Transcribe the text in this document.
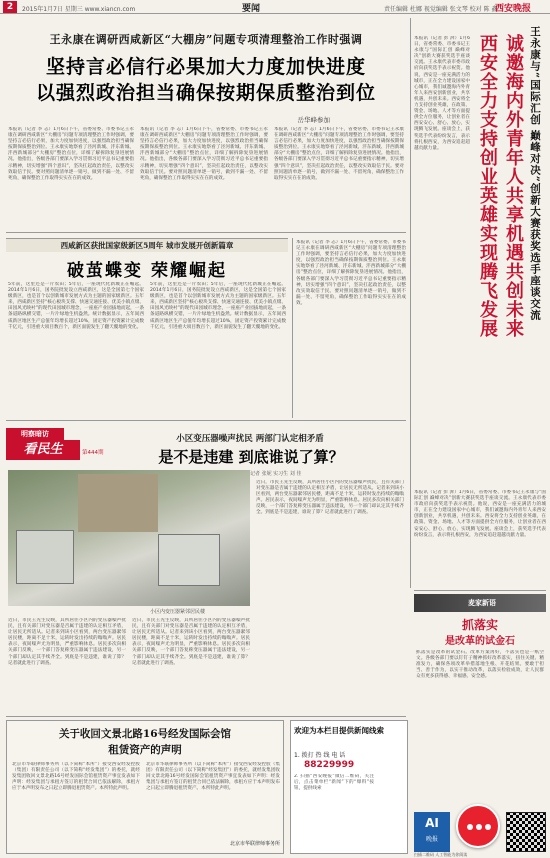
2	2015年1月7日 星期三 www.xiancn.com	要闻	责任编辑 杜娜 视觉编辑 张文琴 校对 陈 鑫
西安晚报
王永康在调研西咸新区“大棚房”问题专项清理整治工作时强调
坚持言必信行必果加大力度加快进度
以强烈政治担当确保按期保质整治到位
岳华峰参加
本报讯（记者 李 志）1月6日下午，省委常委、市委书记王永康在调研西咸新区“大棚房”问题专项清理整治工作时强调，要坚持言必信行必果，加大力度加快进度，以强烈政治担当确保按期保质整治到位。王永康实地察看了泾河新城、沣东新城、沣西新城部分“大棚房”整治点位，详细了解拆除复垦进展情况。他指出，各级各部门要深入学习贯彻习近平总书记重要指示精神，切实增强“四个意识”，坚决扛起政治责任，以整改实效取信于民。要对照问题清单逐一销号，做到不漏一处、不留死角，确保整治工作取得实实在在的成效。
本报讯（记者 李 志）1月6日下午，省委常委、市委书记王永康在调研西咸新区“大棚房”问题专项清理整治工作时强调，要坚持言必信行必果，加大力度加快进度，以强烈政治担当确保按期保质整治到位。王永康实地察看了泾河新城、沣东新城、沣西新城部分“大棚房”整治点位，详细了解拆除复垦进展情况。他指出，各级各部门要深入学习贯彻习近平总书记重要指示精神，切实增强“四个意识”，坚决扛起政治责任，以整改实效取信于民。要对照问题清单逐一销号，做到不漏一处、不留死角，确保整治工作取得实实在在的成效。
本报讯（记者 李 志）1月6日下午，省委常委、市委书记王永康在调研西咸新区“大棚房”问题专项清理整治工作时强调，要坚持言必信行必果，加大力度加快进度，以强烈政治担当确保按期保质整治到位。王永康实地察看了泾河新城、沣东新城、沣西新城部分“大棚房”整治点位，详细了解拆除复垦进展情况。他指出，各级各部门要深入学习贯彻习近平总书记重要指示精神，切实增强“四个意识”，坚决扛起政治责任，以整改实效取信于民。要对照问题清单逐一销号，做到不漏一处、不留死角，确保整治工作取得实实在在的成效。	王永康与“国际汇创 巅峰对决”创新大赛获奖选手座谈交流
诚邀海内外青年人共享机遇共创未来
西安全力支持创业英雄实现腾飞发展
本报讯（记者 彭 湃）1月6日，省委常委、市委书记王永康与“国际汇创 巅峰对决”创新大赛获奖选手座谈交流。王永康代表市委市政府向获奖选手表示祝贺。他说，西安是一座充满活力的城市，正在全力建设国家中心城市，我们诚邀海内外青年人来西安创新创业，共享机遇，共创未来。西安将全力支持创业英雄，在政策、资金、场地、人才等方面提供全方位服务，让创业者在西安安心、舒心、放心，实现腾飞发展。座谈会上，获奖选手代表纷纷发言，表示将扎根西安，为西安追赶超越贡献力量。
本报讯（记者 彭 湃）1月6日，省委常委、市委书记王永康与“国际汇创 巅峰对决”创新大赛获奖选手座谈交流。王永康代表市委市政府向获奖选手表示祝贺。他说，西安是一座充满活力的城市，正在全力建设国家中心城市，我们诚邀海内外青年人来西安创新创业，共享机遇，共创未来。西安将全力支持创业英雄，在政策、资金、场地、人才等方面提供全方位服务，让创业者在西安安心、舒心、放心，实现腾飞发展。座谈会上，获奖选手代表纷纷发言，表示将扎根西安，为西安追赶超越贡献力量。
西咸新区获批国家级新区5周年 城市发展开创新篇章
破茧蝶变 荣耀崛起
5年前，这里还是一片农田；5年后，一座现代化新城正在崛起。2014年1月6日，国务院批复设立西咸新区，这是全国第七个国家级新区，也是首个以创新城市发展方式为主题的国家级新区。五年来，西咸新区坚持“核心板块支撑、快速交通连接、优美小镇点缀、田园风光映衬”的现代田园城市理念，一座座产业园拔地而起，一条条道路纵横交错，一片片绿地生机盎然。统计数据显示，五年间西咸新区地区生产总值年均增长超过10%，固定资产投资累计完成数千亿元，引进重大项目数百个，新区面貌发生了翻天覆地的变化。
5年前，这里还是一片农田；5年后，一座现代化新城正在崛起。2014年1月6日，国务院批复设立西咸新区，这是全国第七个国家级新区，也是首个以创新城市发展方式为主题的国家级新区。五年来，西咸新区坚持“核心板块支撑、快速交通连接、优美小镇点缀、田园风光映衬”的现代田园城市理念，一座座产业园拔地而起，一条条道路纵横交错，一片片绿地生机盎然。统计数据显示，五年间西咸新区地区生产总值年均增长超过10%，固定资产投资累计完成数千亿元，引进重大项目数百个，新区面貌发生了翻天覆地的变化。
本报讯（记者 李 志）1月6日下午，省委常委、市委书记王永康在调研西咸新区“大棚房”问题专项清理整治工作时强调，要坚持言必信行必果，加大力度加快进度，以强烈政治担当确保按期保质整治到位。王永康实地察看了泾河新城、沣东新城、沣西新城部分“大棚房”整治点位，详细了解拆除复垦进展情况。他指出，各级各部门要深入学习贯彻习近平总书记重要指示精神，切实增强“四个意识”，坚决扛起政治责任，以整改实效取信于民。要对照问题清单逐一销号，做到不漏一处、不留死角，确保整治工作取得实实在在的成效。
明察暗访
看民生	第444期
小区变压器噪声扰民 两部门认定相矛盾
是不是违建 到底谁说了算？
记者 张妮 实习生 刘 佳
小区内变压器紧邻居民楼
近日，市民王先生反映，其所居住小区内的变压器噪声扰民，且有关部门对变压器是否属于违建的认定相互矛盾，让居民无所适从。记者来到该小区看到，两台变压器紧邻居民楼，距离不足十米，运转时发出持续的嗡嗡声。居民表示，夜间噪声尤为明显，严重影响休息。居民多次向相关部门反映，一个部门答复称变压器属于违法建设，另一个部门却认定其手续齐全。到底是不是违建，谁说了算？记者就此进行了调查。
近日，市民王先生反映，其所居住小区内的变压器噪声扰民，且有关部门对变压器是否属于违建的认定相互矛盾，让居民无所适从。记者来到该小区看到，两台变压器紧邻居民楼，距离不足十米，运转时发出持续的嗡嗡声。居民表示，夜间噪声尤为明显，严重影响休息。居民多次向相关部门反映，一个部门答复称变压器属于违法建设，另一个部门却认定其手续齐全。到底是不是违建，谁说了算？记者就此进行了调查。
近日，市民王先生反映，其所居住小区内的变压器噪声扰民，且有关部门对变压器是否属于违建的认定相互矛盾，让居民无所适从。记者来到该小区看到，两台变压器紧邻居民楼，距离不足十米，运转时发出持续的嗡嗡声。居民表示，夜间噪声尤为明显，严重影响休息。居民多次向相关部门反映，一个部门答复称变压器属于违法建设，另一个部门却认定其手续齐全。到底是不是违建，谁说了算？记者就此进行了调查。
麦家新语
抓落实
是改革的试金石
抓落实是改革的试金石。改革方案再好，不落实也是一纸空文。各级各部门要以钉钉子精神抓好改革落实，扭住关键、精准发力，确保各项改革举措落地生根、开花结果。要敢于担当、善于作为，以实干推动改革，以落实检验成效，让人民群众有更多获得感、幸福感、安全感。
关于收回文景北路16号经发国际会馆
租赁资产的声明
北京市华联律师事务所（以下简称“本所”）接受西安经发控股（集团）有限责任公司（以下简称“经发集团”）的委托，就经发集团收回文景北路16号经发国际会馆租赁资产事宜发表如下声明：经发集团与承租方签订的租赁合同已依法解除，承租方应于本声明发布之日起立即腾退租赁资产。本所特此声明。
北京市华联律师事务所（以下简称“本所”）接受西安经发控股（集团）有限责任公司（以下简称“经发集团”）的委托，就经发集团收回文景北路16号经发国际会馆租赁资产事宜发表如下声明：经发集团与承租方签订的租赁合同已依法解除，承租方应于本声明发布之日起立即腾退租赁资产。本所特此声明。
北京市华联律师事务所
欢迎为本栏目提供新闻线索
1. 拨打 热 线 电 话
88229999
2. 扫描“西安晚报”微信二维码，关注后，点击菜单栏“新闻”下的“爆料”按钮，提供线索
AI
晚报
扫描二维码 人工智能为你阅读
